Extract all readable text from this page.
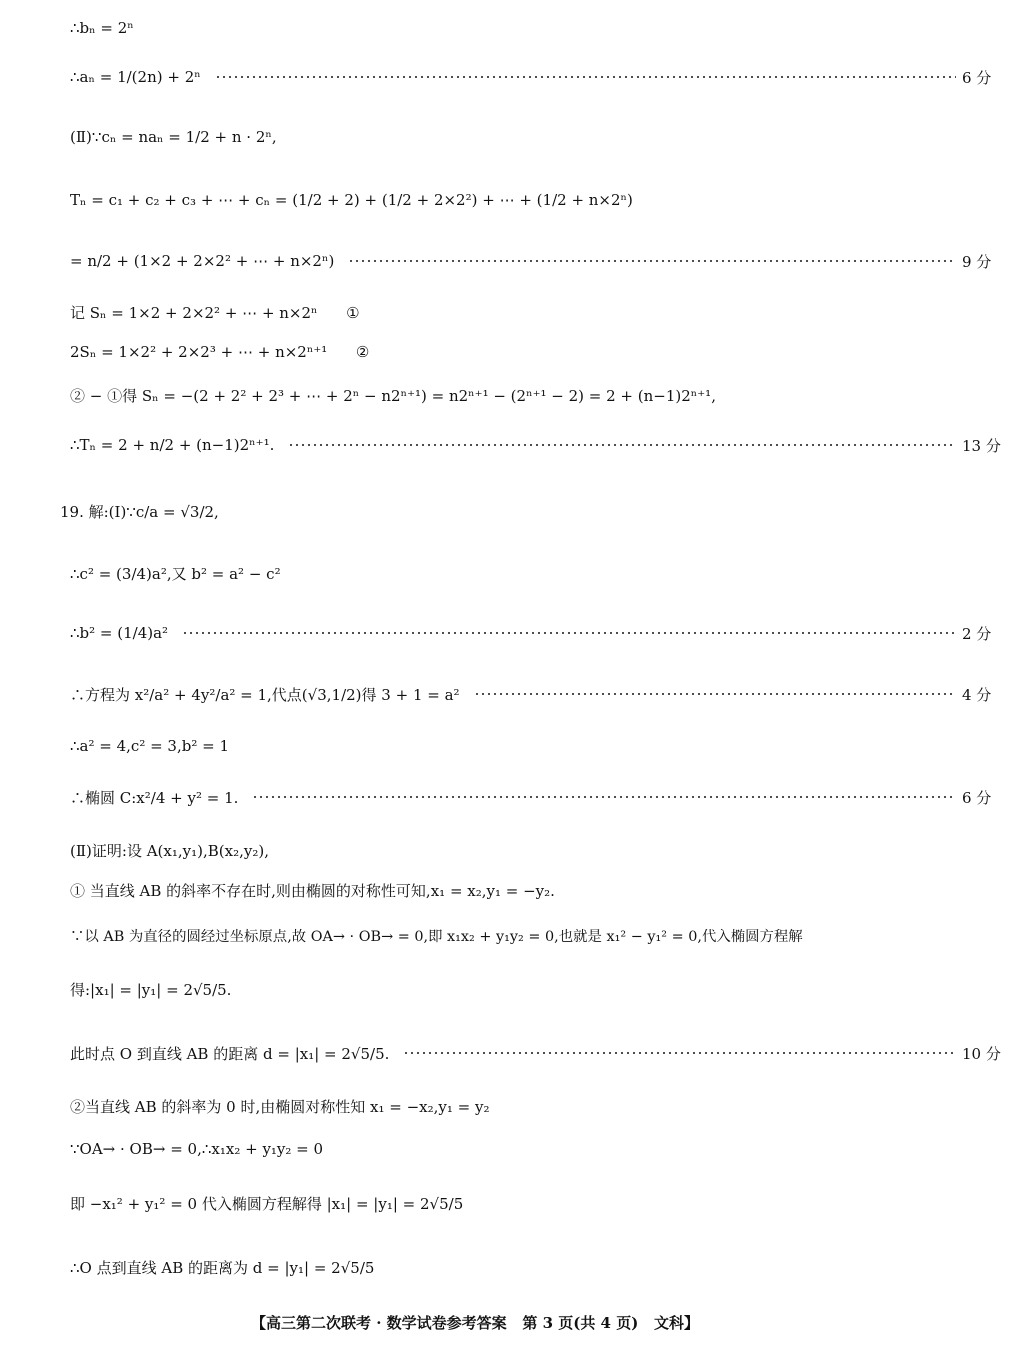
∴bₙ = 2ⁿ
∴aₙ = 1/(2n) + 2ⁿ	6 分
(Ⅱ)∵cₙ = naₙ = 1/2 + n · 2ⁿ,
Tₙ = c₁ + c₂ + c₃ + ⋯ + cₙ = (1/2 + 2) + (1/2 + 2×2²) + ⋯ + (1/2 + n×2ⁿ)
= n/2 + (1×2 + 2×2² + ⋯ + n×2ⁿ)	9 分
记 Sₙ = 1×2 + 2×2² + ⋯ + n×2ⁿ      ①
2Sₙ = 1×2² + 2×2³ + ⋯ + n×2ⁿ⁺¹      ②
② − ①得 Sₙ = −(2 + 2² + 2³ + ⋯ + 2ⁿ − n2ⁿ⁺¹) = n2ⁿ⁺¹ − (2ⁿ⁺¹ − 2) = 2 + (n−1)2ⁿ⁺¹,
∴Tₙ = 2 + n/2 + (n−1)2ⁿ⁺¹.	13 分
19. 解:(Ⅰ)∵c/a = √3/2,
∴c² = (3/4)a²,又 b² = a² − c²
∴b² = (1/4)a²	2 分
∴方程为 x²/a² + 4y²/a² = 1,代点(√3,1/2)得 3 + 1 = a²	4 分
∴a² = 4,c² = 3,b² = 1
∴椭圆 C:x²/4 + y² = 1.	6 分
(Ⅱ)证明:设 A(x₁,y₁),B(x₂,y₂),
① 当直线 AB 的斜率不存在时,则由椭圆的对称性可知,x₁ = x₂,y₁ = −y₂.
∵以 AB 为直径的圆经过坐标原点,故 OA→ · OB→ = 0,即 x₁x₂ + y₁y₂ = 0,也就是 x₁² − y₁² = 0,代入椭圆方程解
得:|x₁| = |y₁| = 2√5/5.
此时点 O 到直线 AB 的距离 d = |x₁| = 2√5/5.	10 分
②当直线 AB 的斜率为 0 时,由椭圆对称性知 x₁ = −x₂,y₁ = y₂
∵OA→ · OB→ = 0,∴x₁x₂ + y₁y₂ = 0
即 −x₁² + y₁² = 0 代入椭圆方程解得 |x₁| = |y₁| = 2√5/5
∴O 点到直线 AB 的距离为 d = |y₁| = 2√5/5
【高三第二次联考 · 数学试卷参考答案   第 3 页(共 4 页)   文科】
